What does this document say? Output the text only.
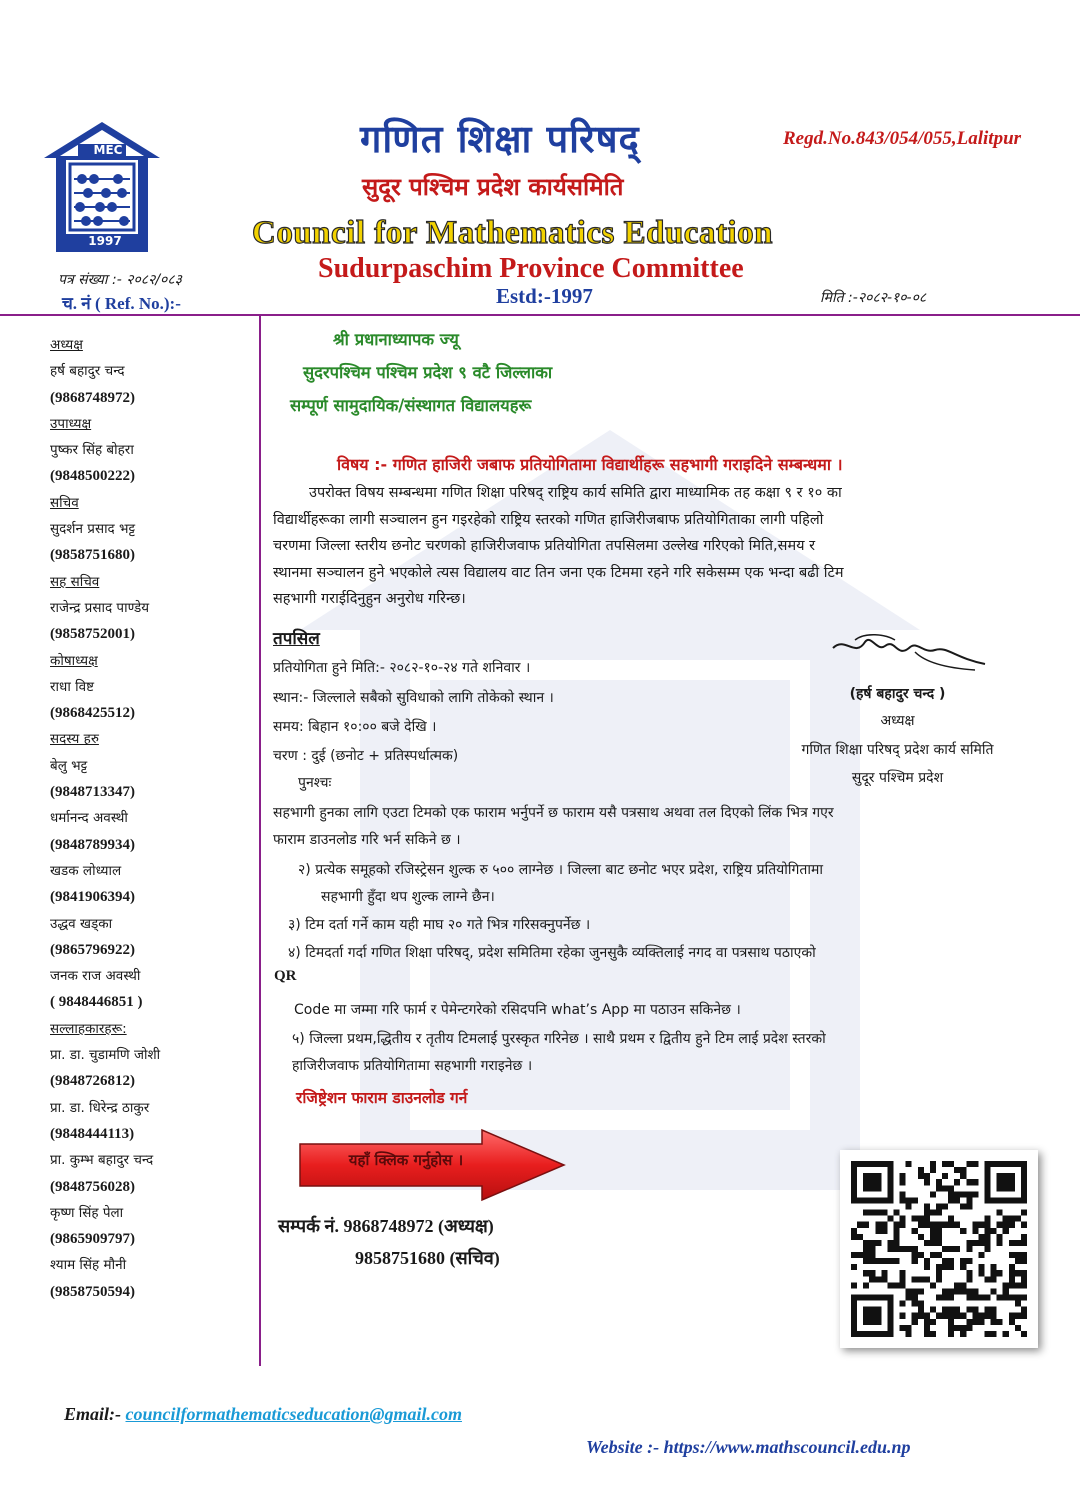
MEC
1997
गणित शिक्षा परिषद्	Regd.No.843/054/055,Lalitpur
सुदूर पश्चिम प्रदेश कार्यसमिति
Council for Mathematics Education
Sudurpaschim Province Committee
Estd:-1997
पत्र संख्या :- २०८२/०८३
च. नं ( Ref. No.):-	मिति :-२०८२-१०-०८
अध्यक्ष
हर्ष बहादुर चन्द
(9868748972)
उपाध्यक्ष
पुष्कर सिंह बोहरा
(9848500222)
सचिव
सुदर्शन प्रसाद भट्ट
(9858751680)
सह सचिव
राजेन्द्र प्रसाद पाण्डेय
(9858752001)
कोषाध्यक्ष
राधा विष्ट
(9868425512)
सदस्य हरु
बेलु भट्ट
(9848713347)
धर्मानन्द अवस्थी
(9848789934)
खडक लोध्याल
(9841906394)
उद्धव खड्का
(9865796922)
जनक राज अवस्थी
( 9848446851 )
सल्लाहकारहरू:
प्रा. डा. चुडामणि जोशी
(9848726812)
प्रा. डा. धिरेन्द्र ठाकुर
(9848444113)
प्रा. कुम्भ बहादुर चन्द
(9848756028)
कृष्ण सिंह पेला
(9865909797)
श्याम सिंह मौनी
(9858750594)
श्री प्रधानाध्यापक ज्यू
सुदरपश्चिम पश्चिम प्रदेश ९ वटै जिल्लाका
सम्पूर्ण सामुदायिक/संस्थागत विद्यालयहरू
विषय :- गणित हाजिरी जबाफ प्रतियोगितामा विद्यार्थीहरू सहभागी गराइदिने सम्बन्धमा ।
उपरोक्त विषय सम्बन्धमा गणित शिक्षा परिषद् राष्ट्रिय कार्य समिति द्वारा माध्यामिक तह कक्षा ९ र १० का
विद्यार्थीहरूका लागी सञ्चालन हुन गइरहेको राष्ट्रिय स्तरको गणित हाजिरीजबाफ प्रतियोगिताका लागी पहिलो
चरणमा जिल्ला स्तरीय छनोट चरणको हाजिरीजवाफ प्रतियोगिता तपसिलमा उल्लेख गरिएको मिति,समय र
स्थानमा सञ्चालन हुने भएकोले त्यस विद्यालय वाट तिन जना एक टिममा रहने गरि सकेसम्म एक भन्दा बढी टिम
सहभागी गराईदिनुहुन अनुरोध गरिन्छ।
तपसिल
प्रतियोगिता हुने मिति:- २०८२-१०-२४ गते शनिवार ।
स्थान:- जिल्लाले सबैको सुविधाको लागि तोकेको स्थान ।
समय: बिहान १०:०० बजे देखि ।
चरण : दुई (छनोट + प्रतिस्पर्धात्मक)
पुनश्चः
(हर्ष बहादुर चन्द )
अध्यक्ष
गणित शिक्षा परिषद् प्रदेश कार्य समिति
सुदूर पश्चिम प्रदेश
सहभागी हुनका लागि एउटा टिमको एक फाराम भर्नुपर्ने छ फाराम यसै पत्रसाथ अथवा तल दिएको लिंक भित्र गएर
फाराम डाउनलोड गरि भर्न सकिने छ ।
२) प्रत्येक समूहको रजिस्ट्रेसन शुल्क रु ५०० लाग्नेछ । जिल्ला बाट छनोट भएर प्रदेश, राष्ट्रिय प्रतियोगितामा
सहभागी हुँदा थप शुल्क लाग्ने छैन।
३) टिम दर्ता गर्ने काम यही माघ २० गते भित्र गरिसक्नुपर्नेछ ।
४) टिमदर्ता गर्दा गणित शिक्षा परिषद्, प्रदेश समितिमा रहेका जुनसुकै व्यक्तिलाई नगद वा पत्रसाथ पठाएको
QR
Code मा जम्मा गरि फार्म र पेमेन्टगरेको रसिदपनि what’s App मा पठाउन सकिनेछ ।
५) जिल्ला प्रथम,द्धितीय र तृतीय टिमलाई पुरस्कृत गरिनेछ । साथै प्रथम र द्वितीय हुने टिम लाई प्रदेश स्तरको
हाजिरीजवाफ प्रतियोगितामा सहभागी गराइनेछ ।
रजिष्ट्रेशन फाराम डाउनलोड गर्न
यहाँ क्लिक गर्नुहोस ।
सम्पर्क नं. 9868748972 (अध्यक्ष)
9858751680 (सचिव)
Email:- councilformathematicseducation@gmail.com
Website :- https://www.mathscouncil.edu.np
